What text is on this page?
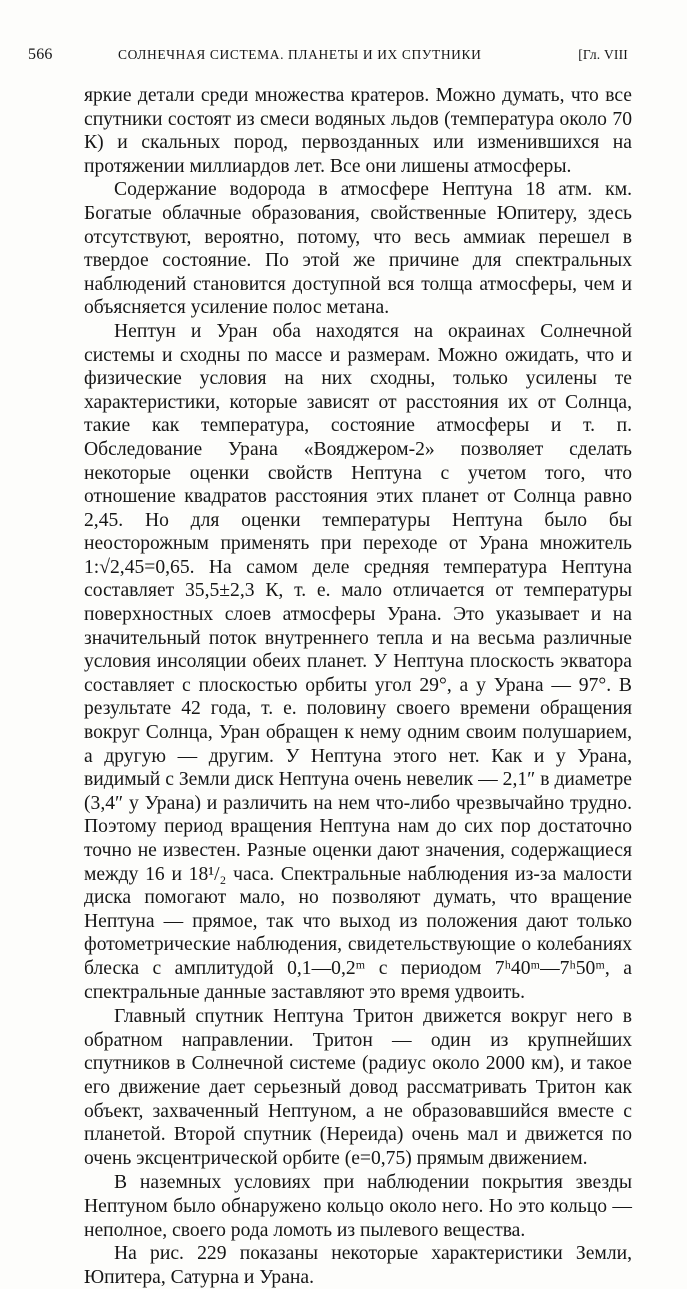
566	СОЛНЕЧНАЯ СИСТЕМА. ПЛАНЕТЫ И ИХ СПУТНИКИ	[Гл. VIII

яркие детали среди множества кратеров. Можно думать, что все спутники состоят из смеси водяных льдов (температура около 70 К) и скальных пород, первозданных или изменившихся на протяжении миллиардов лет. Все они лишены атмосферы.

Содержание водорода в атмосфере Нептуна 18 атм. км. Богатые облачные образования, свойственные Юпитеру, здесь отсутствуют, вероятно, потому, что весь аммиак перешел в твердое состояние. По этой же причине для спектральных наблюдений становится доступной вся толща атмосферы, чем и объясняется усиление полос метана.

Нептун и Уран оба находятся на окраинах Солнечной системы и сходны по массе и размерам. Можно ожидать, что и физические условия на них сходны, только усилены те характеристики, которые зависят от расстояния их от Солнца, такие как температура, состояние атмосферы и т. п. Обследование Урана «Вояджером-2» позволяет сделать некоторые оценки свойств Нептуна с учетом того, что отношение квадратов расстояния этих планет от Солнца равно 2,45. Но для оценки температуры Нептуна было бы неосторожным применять при переходе от Урана множитель 1:√2,45=0,65. На самом деле средняя температура Нептуна составляет 35,5±2,3 К, т. е. мало отличается от температуры поверхностных слоев атмосферы Урана. Это указывает и на значительный поток внутреннего тепла и на весьма различные условия инсоляции обеих планет. У Нептуна плоскость экватора составляет с плоскостью орбиты угол 29°, а у Урана — 97°. В результате 42 года, т. е. половину своего времени обращения вокруг Солнца, Уран обращен к нему одним своим полушарием, а другую — другим. У Нептуна этого нет. Как и у Урана, видимый с Земли диск Нептуна очень невелик — 2,1″ в диаметре (3,4″ у Урана) и различить на нем что-либо чрезвычайно трудно. Поэтому период вращения Нептуна нам до сих пор достаточно точно не известен. Разные оценки дают значения, содержащиеся между 16 и 18¹/₂ часа. Спектральные наблюдения из-за малости диска помогают мало, но позволяют думать, что вращение Нептуна — прямое, так что выход из положения дают только фотометрические наблюдения, свидетельствующие о колебаниях блеска с амплитудой 0,1—0,2ᵐ с периодом 7ʰ40ᵐ—7ʰ50ᵐ, а спектральные данные заставляют это время удвоить.

Главный спутник Нептуна Тритон движется вокруг него в обратном направлении. Тритон — один из крупнейших спутников в Солнечной системе (радиус около 2000 км), и такое его движение дает серьезный довод рассматривать Тритон как объект, захваченный Нептуном, а не образовавшийся вместе с планетой. Второй спутник (Нереида) очень мал и движется по очень эксцентрической орбите (e=0,75) прямым движением.

В наземных условиях при наблюдении покрытия звезды Нептуном было обнаружено кольцо около него. Но это кольцо — неполное, своего рода ломоть из пылевого вещества.

На рис. 229 показаны некоторые характеристики Земли, Юпитера, Сатурна и Урана.
